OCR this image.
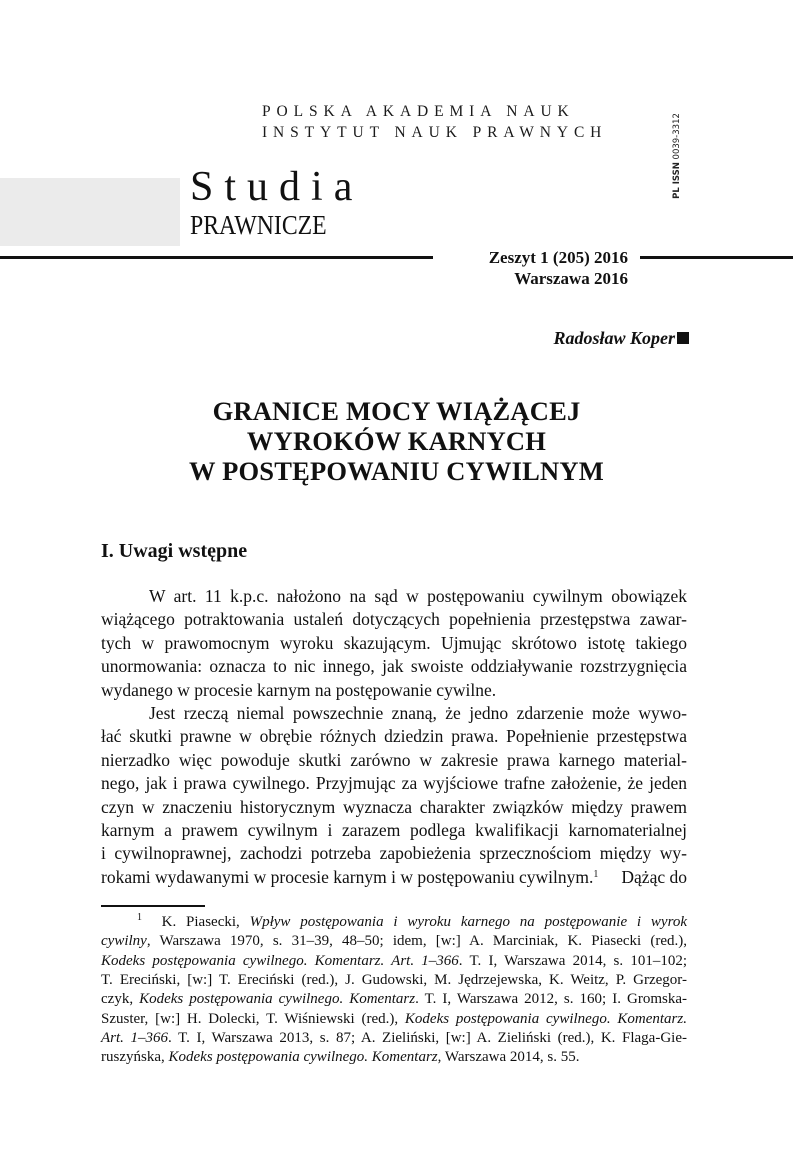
POLSKA AKADEMIA NAUK
INSTYTUT NAUK PRAWNYCH
PL ISSN 0039-3312
Studia
PRAWNICZE
Zeszyt 1 (205) 2016
Warszawa 2016
Radosław Koper
GRANICE MOCY WIĄŻĄCEJ
WYROKÓW KARNYCH
W POSTĘPOWANIU CYWILNYM
I. Uwagi wstępne
W art. 11 k.p.c. nałożono na sąd w postępowaniu cywilnym obowiązek
wiążącego potraktowania ustaleń dotyczących popełnienia przestępstwa zawar-
tych w prawomocnym wyroku skazującym. Ujmując skrótowo istotę takiego
unormowania: oznacza to nic innego, jak swoiste oddziaływanie rozstrzygnięcia
wydanego w procesie karnym na postępowanie cywilne.
Jest rzeczą niemal powszechnie znaną, że jedno zdarzenie może wywo-
łać skutki prawne w obrębie różnych dziedzin prawa. Popełnienie przestępstwa
nierzadko więc powoduje skutki zarówno w zakresie prawa karnego material-
nego, jak i prawa cywilnego. Przyjmując za wyjściowe trafne założenie, że jeden
czyn w znaczeniu historycznym wyznacza charakter związków między prawem
karnym a prawem cywilnym i zarazem podlega kwalifikacji karnomaterialnej
i cywilnoprawnej, zachodzi potrzeba zapobieżenia sprzecznościom między wy-
rokami wydawanymi w procesie karnym i w postępowaniu cywilnym.$^1$ Dążąc do
$^1$ K. Piasecki, Wpływ postępowania i wyroku karnego na postępowanie i wyrok
cywilny, Warszawa 1970, s. 31–39, 48–50; idem, [w:] A. Marciniak, K. Piasecki (red.),
Kodeks postępowania cywilnego. Komentarz. Art. 1–366. T. I, Warszawa 2014, s. 101–102;
T. Ereciński, [w:] T. Ereciński (red.), J. Gudowski, M. Jędrzejewska, K. Weitz, P. Grzegor-
czyk, Kodeks postępowania cywilnego. Komentarz. T. I, Warszawa 2012, s. 160; I. Gromska-
Szuster, [w:] H. Dolecki, T. Wiśniewski (red.), Kodeks postępowania cywilnego. Komentarz.
Art. 1–366. T. I, Warszawa 2013, s. 87; A. Zieliński, [w:] A. Zieliński (red.), K. Flaga-Gie-
ruszyńska, Kodeks postępowania cywilnego. Komentarz, Warszawa 2014, s. 55.
